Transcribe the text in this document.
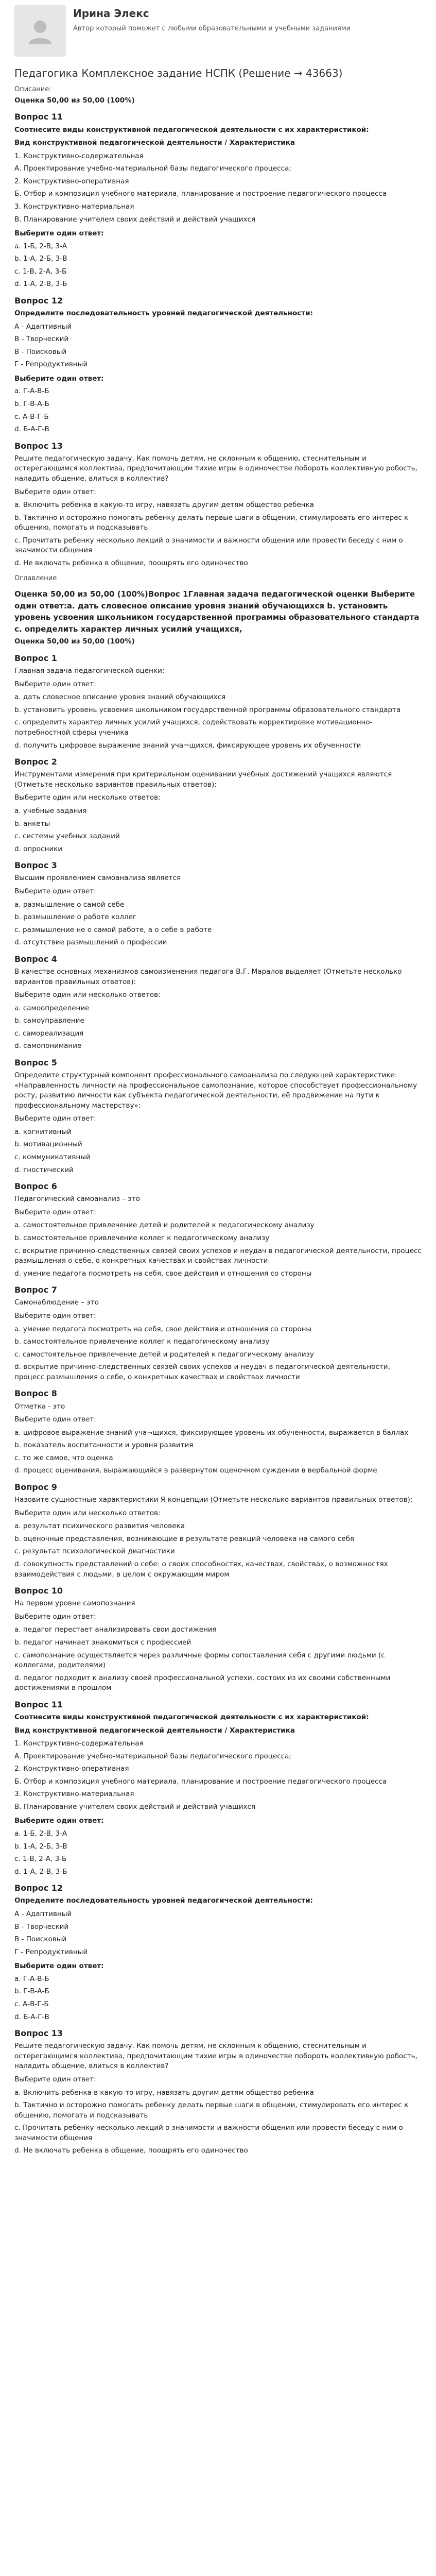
Ирина Элекс
Автор который поможет с любыми образовательными и учебными заданиями
Педагогика Комплексное задание НСПК (Решение → 43663)
Описание:
Оценка 50,00 из 50,00 (100%)
Вопрос 11
Соотнесите виды конструктивной педагогической деятельности с их характеристикой:
Вид конструктивной педагогической деятельности / Характеристика
1. Конструктивно-содержательная
А. Проектирование учебно-материальной базы педагогического процесса;
2. Конструктивно-оперативная
Б. Отбор и композиция учебного материала, планирование и построение педагогического процесса
3. Конструктивно-материальная
В. Планирование учителем своих действий и действий учащихся
Выберите один ответ:
а. 1-Б, 2-В, 3-А
b. 1-А, 2-Б, 3-В
c. 1-В, 2-А, 3-Б
d. 1-А, 2-В, 3-Б
Вопрос 12
Определите последовательность уровней педагогической деятельности:
А - Адаптивный
В - Творческий
В - Поисковый
Г - Репродуктивный
Выберите один ответ:
а. Г-А-В-Б
b. Г-В-А-Б
c. А-В-Г-Б
d. Б-А-Г-В
Вопрос 13
Решите педагогическую задачу. Как помочь детям, не склонным к общению, стеснительным и остерегающимся коллектива, предпочитающим тихие игры в одиночестве побороть коллективную робость, наладить общение, влиться в коллектив?
Выберите один ответ:
а. Включить ребенка в какую-то игру, навязать другим детям общество ребенка
b. Тактично и осторожно помогать ребенку делать первые шаги в общении, стимулировать его интерес к общению, помогать и подсказывать
c. Прочитать ребенку несколько лекций о значимости и важности общения или провести беседу с ним о значимости общения
d. Не включать ребенка в общение, поощрять его одиночество
Оглавление
Оценка 50,00 из 50,00 (100%)Вопрос 1Главная задача педагогической оценки Выберите один ответ:a. дать словесное описание уровня знаний обучающихся b. установить уровень усвоения школьником государственной программы образовательного стандарта c. определить характер личных усилий учащихся,
Оценка 50,00 из 50,00 (100%)
Вопрос 1
Главная задача педагогической оценки:
Выберите один ответ:
а. дать словесное описание уровня знаний обучающихся
b. установить уровень усвоения школьником государственной программы образовательного стандарта
c. определить характер личных усилий учащихся, содействовать корректировке мотивационно-потребностной сферы ученика
d. получить цифровое выражение знаний уча¬щихся, фиксирующее уровень их обученности
Вопрос 2
Инструментами измерения при критериальном оценивании учебных достижений учащихся являются (Отметьте несколько вариантов правильных ответов):
Выберите один или несколько ответов:
а. учебные задания
b. анкеты
c. системы учебных заданий
d. опросники
Вопрос 3
Высшим проявлением самоанализа является
Выберите один ответ:
а. размышление о самой себе
b. размышление о работе коллег
c. размышление не о самой работе, а о себе в работе
d. отсутствие размышлений о профессии
Вопрос 4
В качестве основных механизмов самоизменения педагога В.Г. Маралов выделяет (Отметьте несколько вариантов правильных ответов):
Выберите один или несколько ответов:
а. самоопределение
b. самоуправление
c. самореализация
d. самопонимание
Вопрос 5
Определите структурный компонент профессионального самоанализа по следующей характеристике: «Направленность личности на профессиональное самопознание, которое способствует профессиональному росту, развитию личности как субъекта педагогической деятельности, её продвижение на пути к профессиональному мастерству»:
Выберите один ответ:
а. когнитивный
b. мотивационный
c. коммуникативный
d. гностический
Вопрос 6
Педагогический самоанализ – это
Выберите один ответ:
а. самостоятельное привлечение детей и родителей к педагогическому анализу
b. самостоятельное привлечение коллег к педагогическому анализу
c. вскрытие причинно-следственных связей своих успехов и неудач в педагогической деятельности, процесс размышления о себе, о конкретных качествах и свойствах личности
d. умение педагога посмотреть на себя, свое действия и отношения со стороны
Вопрос 7
Самонаблюдение – это
Выберите один ответ:
а. умение педагога посмотреть на себя, свое действия и отношения со стороны
b. самостоятельное привлечение коллег к педагогическому анализу
c. самостоятельное привлечение детей и родителей к педагогическому анализу
d. вскрытие причинно-следственных связей своих успехов и неудач в педагогической деятельности, процесс размышления о себе, о конкретных качествах и свойствах личности
Вопрос 8
Отметка - это
Выберите один ответ:
а. цифровое выражение знаний уча¬щихся, фиксирующее уровень их обученности, выражается в баллах
b. показатель воспитанности и уровня развития
c. то же самое, что оценка
d. процесс оценивания, выражающийся в развернутом оценочном суждении в вербальной форме
Вопрос 9
Назовите сущностные характеристики Я-концепции (Отметьте несколько вариантов правильных ответов):
Выберите один или несколько ответов:
а. результат психического развития человека
b. оценочные представления, возникающие в результате реакций человека на самого себя
c. результат психологической диагностики
d. совокупность представлений о себе: о своих способностях, качествах, свойствах, о возможностях взаимодействия с людьми, в целом с окружающим миром
Вопрос 10
На первом уровне самопознания
Выберите один ответ:
а. педагог перестает анализировать свои достижения
b. педагог начинает знакомиться с профессией
c. самопознание осуществляется через различные формы сопоставления себя с другими людьми (с коллегами, родителями)
d. педагог подходит к анализу своей профессиональной успехи, состоих из их своими собственными достижениями в прошлом
Вопрос 11
Соотнесите виды конструктивной педагогической деятельности с их характеристикой:
Вид конструктивной педагогической деятельности / Характеристика
1. Конструктивно-содержательная
А. Проектирование учебно-материальной базы педагогического процесса;
2. Конструктивно-оперативная
Б. Отбор и композиция учебного материала, планирование и построение педагогического процесса
3. Конструктивно-материальная
В. Планирование учителем своих действий и действий учащихся
Выберите один ответ:
а. 1-Б, 2-В, 3-А
b. 1-А, 2-Б, 3-В
c. 1-В, 2-А, 3-Б
d. 1-А, 2-В, 3-Б
Вопрос 12
Определите последовательность уровней педагогической деятельности:
А - Адаптивный
В - Творческий
В - Поисковый
Г - Репродуктивный
Выберите один ответ:
а. Г-А-В-Б
b. Г-В-А-Б
c. А-В-Г-Б
d. Б-А-Г-В
Вопрос 13
Решите педагогическую задачу. Как помочь детям, не склонным к общению, стеснительным и остерегающимся коллектива, предпочитающим тихие игры в одиночестве побороть коллективную робость, наладить общение, влиться в коллектив?
Выберите один ответ:
а. Включить ребенка в какую-то игру, навязать другим детям общество ребенка
b. Тактично и осторожно помогать ребенку делать первые шаги в общении, стимулировать его интерес к общению, помогать и подсказывать
c. Прочитать ребенку несколько лекций о значимости и важности общения или провести беседу с ним о значимости общения
d. Не включать ребенка в общение, поощрять его одиночество
